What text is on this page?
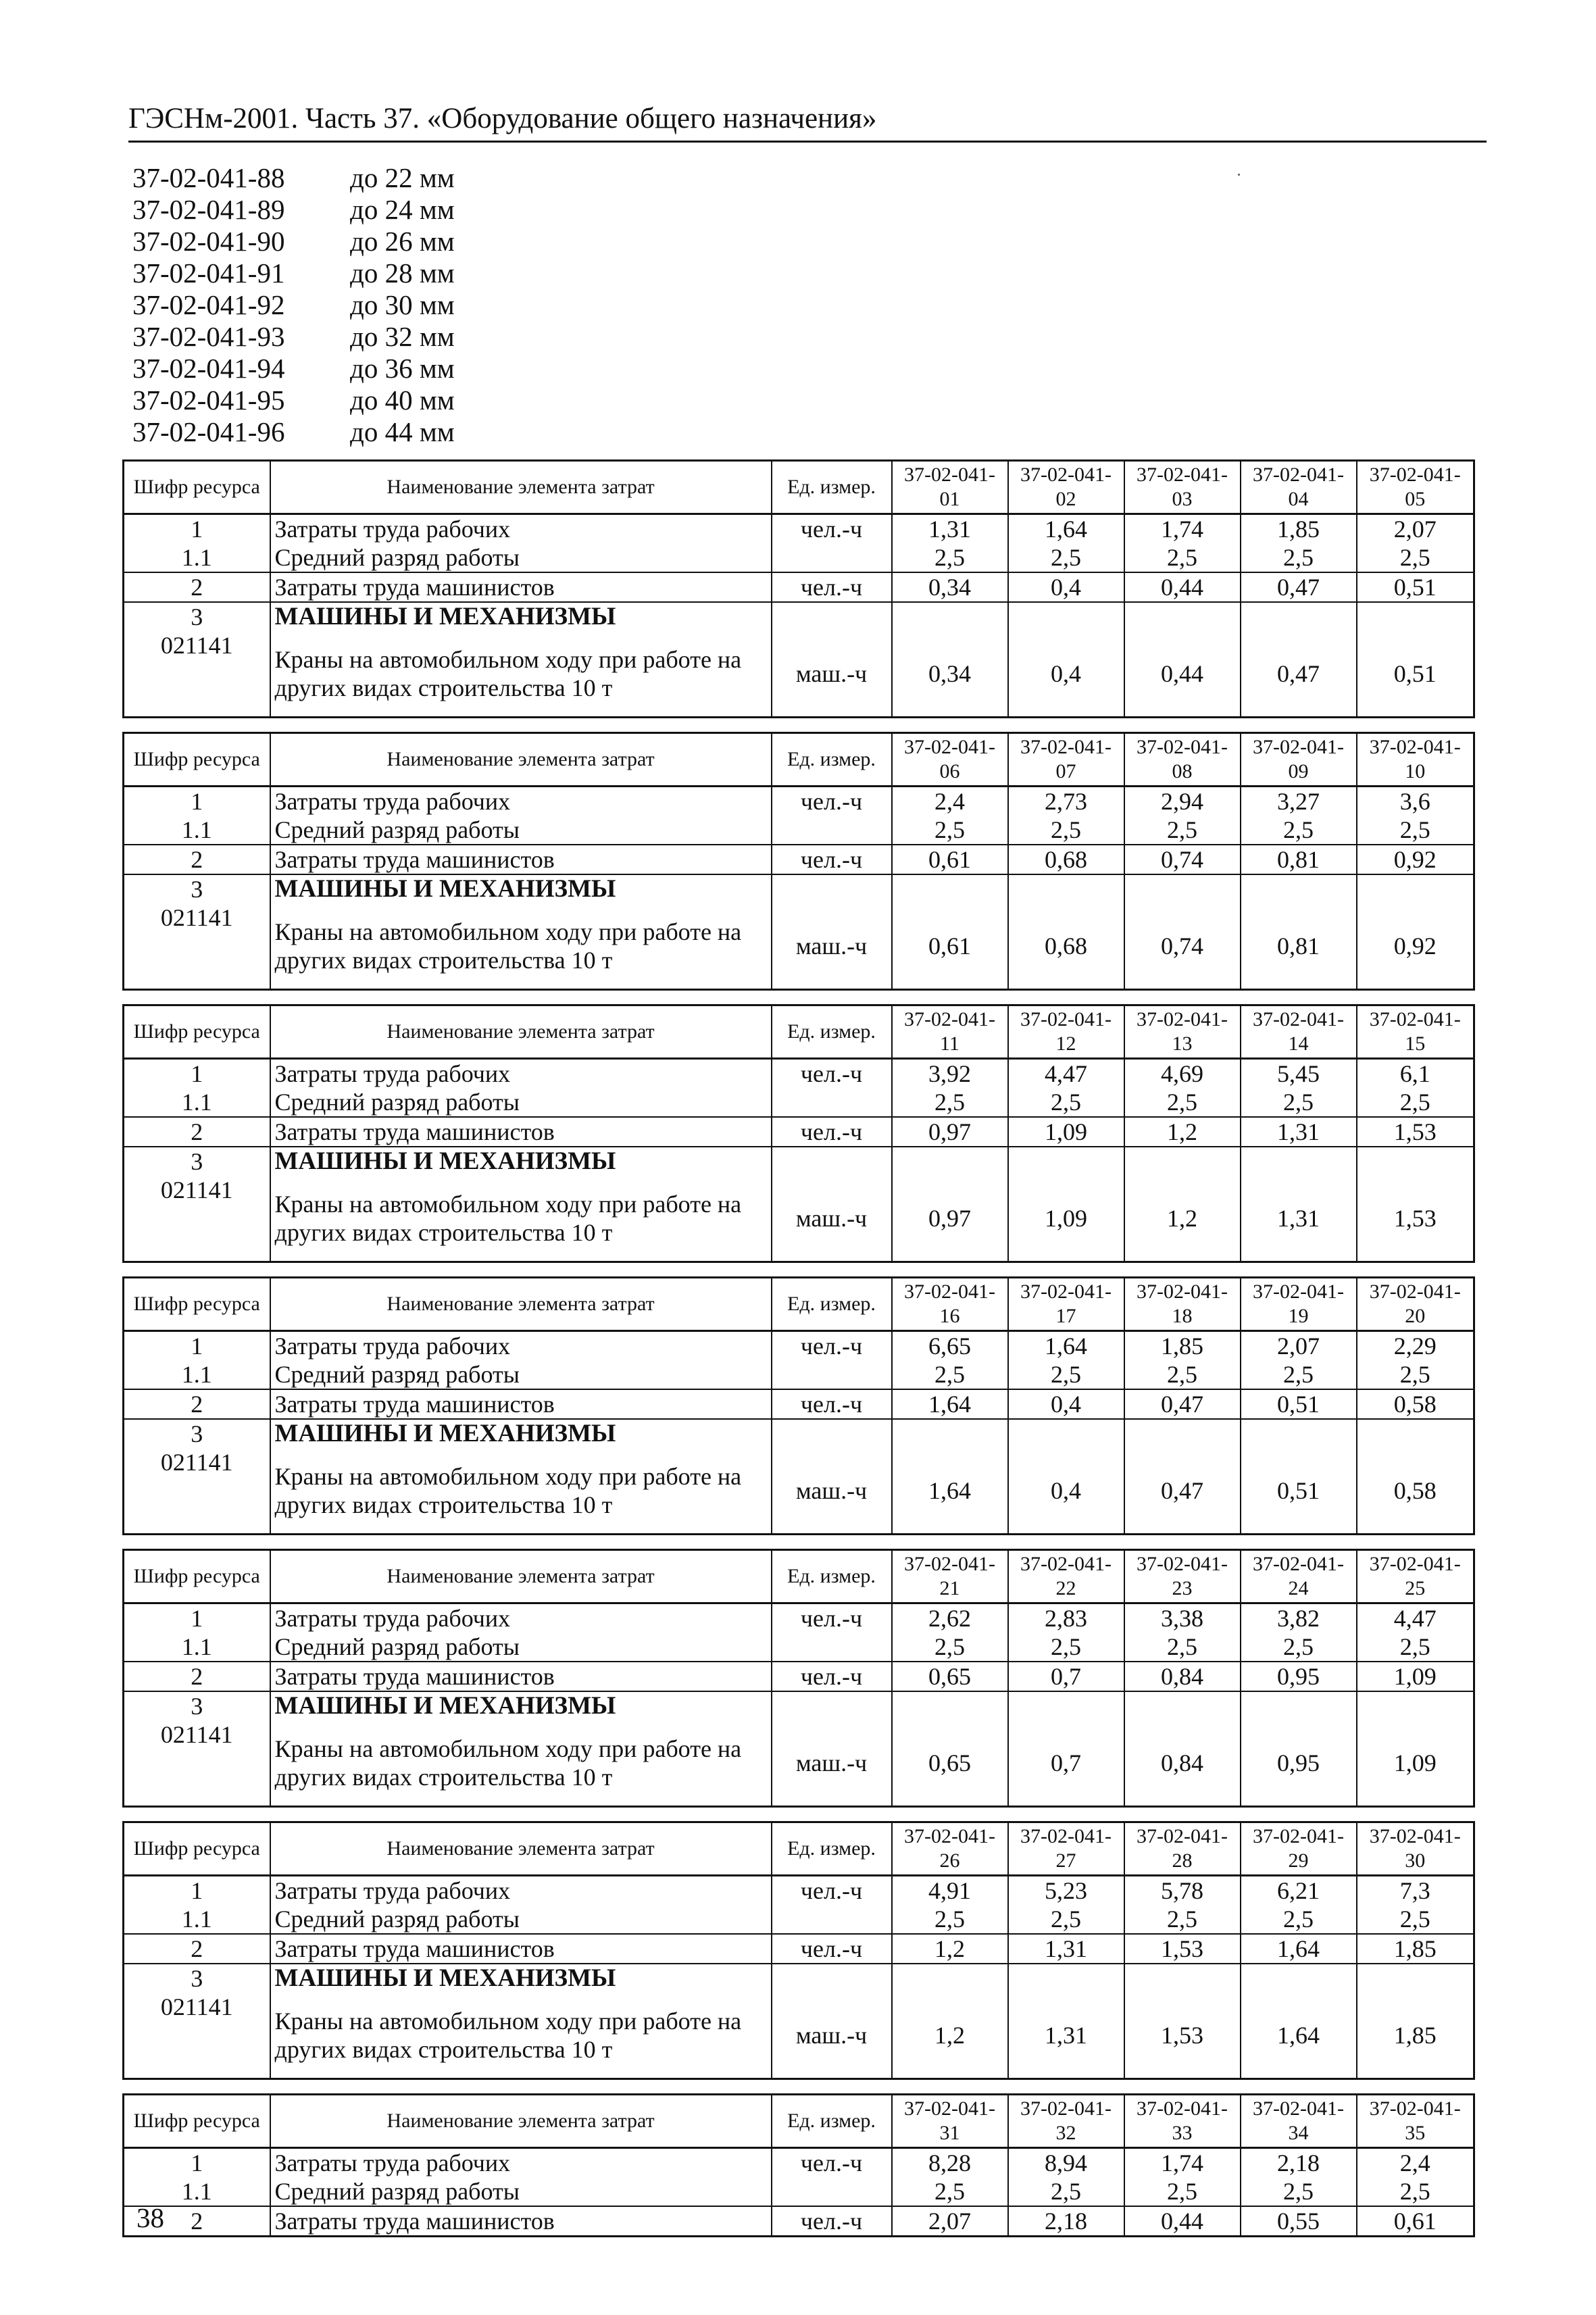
ГЭСНм-2001. Часть 37. «Оборудование общего назначения»
37-02-041-88 до 22 мм
37-02-041-89 до 24 мм
37-02-041-90 до 26 мм
37-02-041-91 до 28 мм
37-02-041-92 до 30 мм
37-02-041-93 до 32 мм
37-02-041-94 до 36 мм
37-02-041-95 до 40 мм
37-02-041-96 до 44 мм
Шифр ресурса	Наименование элемента затрат	Ед. измер.	37-02-041-01	37-02-041-02	37-02-041-03	37-02-041-04	37-02-041-05
1	Затраты труда рабочих	чел.-ч	1,31	1,64	1,74	1,85	2,07
1.1	Средний разряд работы		2,5	2,5	2,5	2,5	2,5
2	Затраты труда машинистов	чел.-ч	0,34	0,4	0,44	0,47	0,51
3	МАШИНЫ И МЕХАНИЗМЫ						
021141	Краны на автомобильном ходу при работе на других видах строительства 10 т	маш.-ч	0,34	0,4	0,44	0,47	0,51
Шифр ресурса	Наименование элемента затрат	Ед. измер.	37-02-041-06	37-02-041-07	37-02-041-08	37-02-041-09	37-02-041-10
1	Затраты труда рабочих	чел.-ч	2,4	2,73	2,94	3,27	3,6
1.1	Средний разряд работы		2,5	2,5	2,5	2,5	2,5
2	Затраты труда машинистов	чел.-ч	0,61	0,68	0,74	0,81	0,92
3	МАШИНЫ И МЕХАНИЗМЫ						
021141	Краны на автомобильном ходу при работе на других видах строительства 10 т	маш.-ч	0,61	0,68	0,74	0,81	0,92
Шифр ресурса	Наименование элемента затрат	Ед. измер.	37-02-041-11	37-02-041-12	37-02-041-13	37-02-041-14	37-02-041-15
1	Затраты труда рабочих	чел.-ч	3,92	4,47	4,69	5,45	6,1
1.1	Средний разряд работы		2,5	2,5	2,5	2,5	2,5
2	Затраты труда машинистов	чел.-ч	0,97	1,09	1,2	1,31	1,53
3	МАШИНЫ И МЕХАНИЗМЫ						
021141	Краны на автомобильном ходу при работе на других видах строительства 10 т	маш.-ч	0,97	1,09	1,2	1,31	1,53
Шифр ресурса	Наименование элемента затрат	Ед. измер.	37-02-041-16	37-02-041-17	37-02-041-18	37-02-041-19	37-02-041-20
1	Затраты труда рабочих	чел.-ч	6,65	1,64	1,85	2,07	2,29
1.1	Средний разряд работы		2,5	2,5	2,5	2,5	2,5
2	Затраты труда машинистов	чел.-ч	1,64	0,4	0,47	0,51	0,58
3	МАШИНЫ И МЕХАНИЗМЫ						
021141	Краны на автомобильном ходу при работе на других видах строительства 10 т	маш.-ч	1,64	0,4	0,47	0,51	0,58
Шифр ресурса	Наименование элемента затрат	Ед. измер.	37-02-041-21	37-02-041-22	37-02-041-23	37-02-041-24	37-02-041-25
1	Затраты труда рабочих	чел.-ч	2,62	2,83	3,38	3,82	4,47
1.1	Средний разряд работы		2,5	2,5	2,5	2,5	2,5
2	Затраты труда машинистов	чел.-ч	0,65	0,7	0,84	0,95	1,09
3	МАШИНЫ И МЕХАНИЗМЫ						
021141	Краны на автомобильном ходу при работе на других видах строительства 10 т	маш.-ч	0,65	0,7	0,84	0,95	1,09
Шифр ресурса	Наименование элемента затрат	Ед. измер.	37-02-041-26	37-02-041-27	37-02-041-28	37-02-041-29	37-02-041-30
1	Затраты труда рабочих	чел.-ч	4,91	5,23	5,78	6,21	7,3
1.1	Средний разряд работы		2,5	2,5	2,5	2,5	2,5
2	Затраты труда машинистов	чел.-ч	1,2	1,31	1,53	1,64	1,85
3	МАШИНЫ И МЕХАНИЗМЫ						
021141	Краны на автомобильном ходу при работе на других видах строительства 10 т	маш.-ч	1,2	1,31	1,53	1,64	1,85
Шифр ресурса	Наименование элемента затрат	Ед. измер.	37-02-041-31	37-02-041-32	37-02-041-33	37-02-041-34	37-02-041-35
1	Затраты труда рабочих	чел.-ч	8,28	8,94	1,74	2,18	2,4
1.1	Средний разряд работы		2,5	2,5	2,5	2,5	2,5
2	Затраты труда машинистов	чел.-ч	2,07	2,18	0,44	0,55	0,61
38
